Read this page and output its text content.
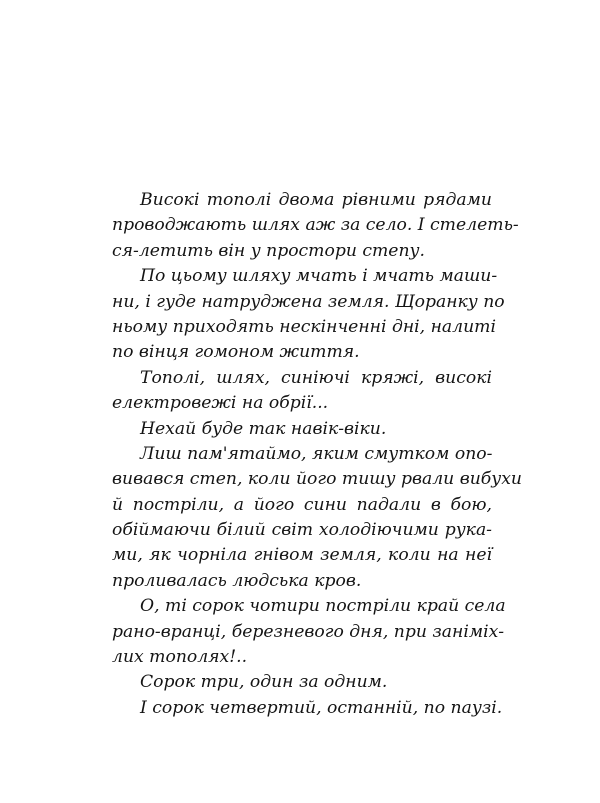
Високі тополі двома рівними рядами
проводжають шлях аж за село. І стелеть-
ся-летить він у простори степу.
По цьому шляху мчать і мчать маши-
ни, і гуде натруджена земля. Щоранку по
ньому приходять нескінченні дні, налиті
по вінця гомоном життя.
Тополі, шлях, синіючі кряжі, високі
електровежі на обрії...
Нехай буде так навік-віки.
Лиш пам'ятаймо, яким смутком опо-
вивався степ, коли його тишу рвали вибухи
й постріли, а його сини падали в бою,
обіймаючи білий світ холодіючими рука-
ми, як чорніла гнівом земля, коли на неї
проливалась людська кров.
О, ті сорок чотири постріли край села
рано-вранці, березневого дня, при заніміх-
лих тополях!..
Сорок три, один за одним.
І сорок четвертий, останній, по паузі.
